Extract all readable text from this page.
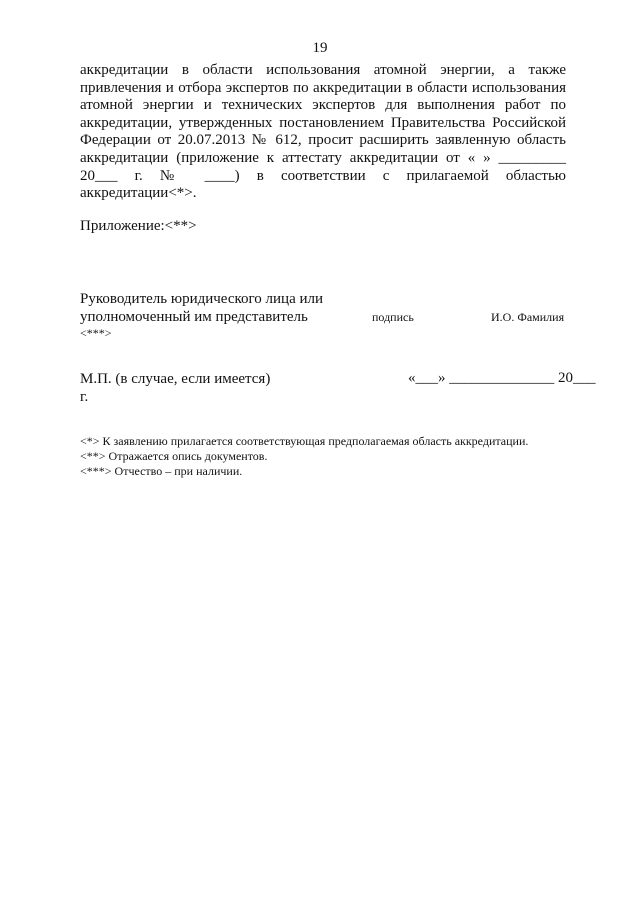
19

аккредитации в области использования атомной энергии, а также привлечения и отбора экспертов по аккредитации в области использования атомной энергии и технических экспертов для выполнения работ по аккредитации, утвержденных постановлением Правительства Российской Федерации от 20.07.2013 № 612, просит расширить заявленную область аккредитации (приложение к аттестату аккредитации от « » _________ 20___ г. № ____) в соответствии с прилагаемой областью аккредитации<*>.

Приложение:<**>
Руководитель юридического лица или
уполномоченный им представитель
<***>
подпись	И.О. Фамилия
М.П. (в случае, если имеется)
г.
«___» ______________ 20___
<*> К заявлению прилагается соответствующая предполагаемая область аккредитации.
<**> Отражается опись документов.
<***> Отчество – при наличии.
